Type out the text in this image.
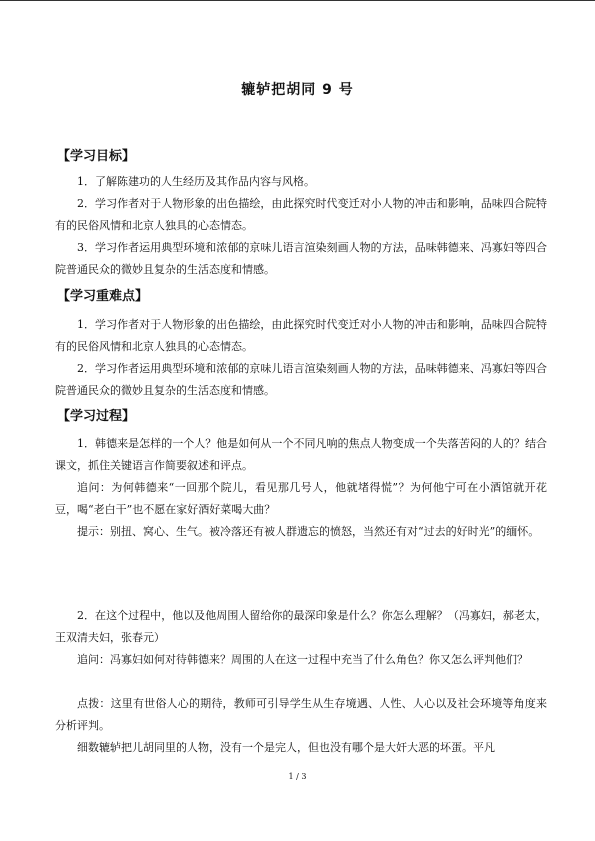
辘轳把胡同 9 号
【学习目标】

1．了解陈建功的人生经历及其作品内容与风格。

2．学习作者对于人物形象的出色描绘，由此探究时代变迁对小人物的冲击和影响，品味四合院特有的民俗风情和北京人独具的心态情态。

3．学习作者运用典型环境和浓郁的京味儿语言渲染刻画人物的方法，品味韩德来、冯寡妇等四合院普通民众的微妙且复杂的生活态度和情感。

【学习重难点】

1．学习作者对于人物形象的出色描绘，由此探究时代变迁对小人物的冲击和影响，品味四合院特有的民俗风情和北京人独具的心态情态。

2．学习作者运用典型环境和浓郁的京味儿语言渲染刻画人物的方法，品味韩德来、冯寡妇等四合院普通民众的微妙且复杂的生活态度和情感。

【学习过程】

1．韩德来是怎样的一个人？他是如何从一个不同凡响的焦点人物变成一个失落苦闷的人的？结合课文，抓住关键语言作简要叙述和评点。

追问：为何韩德来“一回那个院儿，看见那几号人，他就堵得慌”？为何他宁可在小酒馆就开花豆，喝“老白干”也不愿在家好酒好菜喝大曲？

提示：别扭、窝心、生气。被冷落还有被人群遗忘的愤怒，当然还有对“过去的好时光”的缅怀。

2．在这个过程中，他以及他周围人留给你的最深印象是什么？你怎么理解？（冯寡妇，郝老太，王双清夫妇，张春元）

追问：冯寡妇如何对待韩德来？周围的人在这一过程中充当了什么角色？你又怎么评判他们？

点拨：这里有世俗人心的期待，教师可引导学生从生存境遇、人性、人心以及社会环境等角度来分析评判。

细数辘轳把儿胡同里的人物，没有一个是完人，但也没有哪个是大奸大恶的坏蛋。平凡

1 / 3
